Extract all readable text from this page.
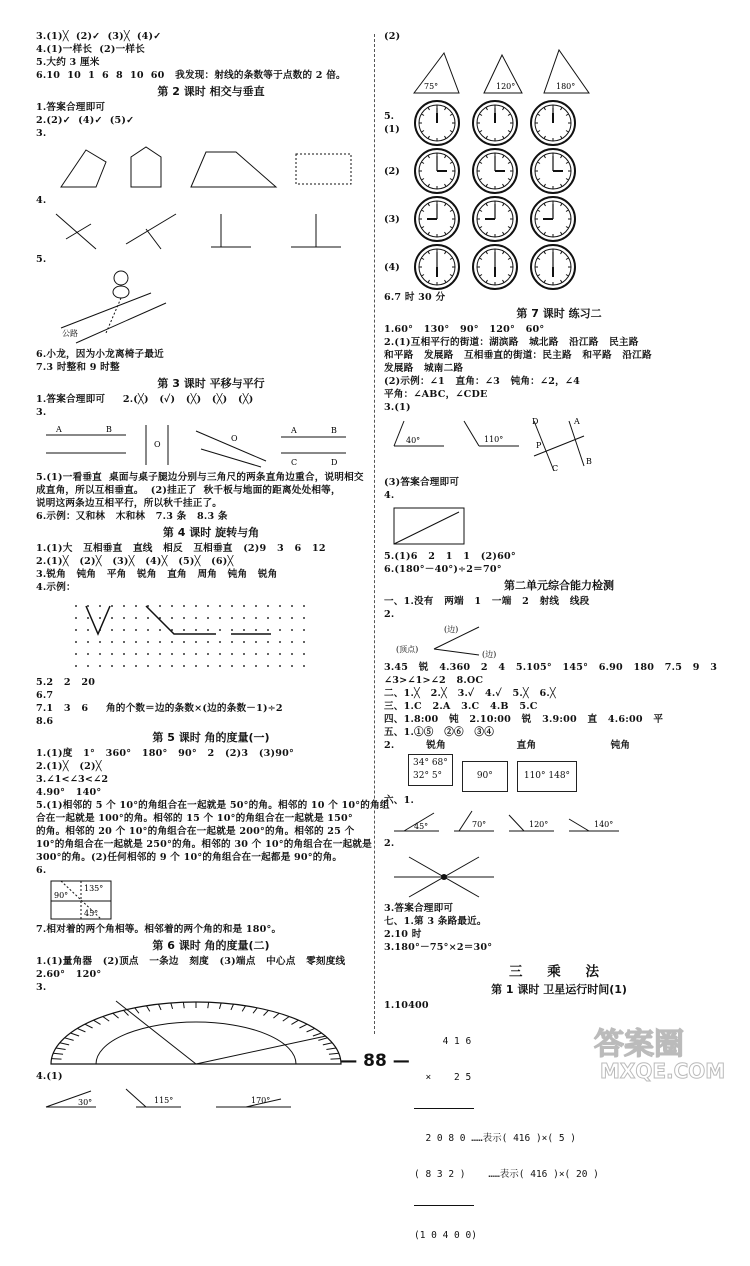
3.(1)╳  (2)✓  (3)╳  (4)✓
4.(1)一样长  (2)一样长
5.大约 3 厘米
6.10  10  1  6  8  10  60   我发现：射线的条数等于点数的 2 倍。
第 2 课时 相交与垂直
1.答案合理即可
2.(2)✓  (4)✓  (5)✓
3.
4.
5.
公路
6.小龙，因为小龙离椅子最近
7.3 时整和 9 时整
第 3 课时 平移与平行
1.答案合理即可     2.(╳)   (✓)   (╳)   (╳)   (╳)
3.
A	B
O
O
A	B
C	D
5.(1)一看垂直  桌面与桌子腿边分别与三角尺的两条直角边重合，说明相交
成直角，所以互相垂直。  (2)挂正了  秋千板与地面的距离处处相等，
说明这两条边互相平行，所以秋千挂正了。
6.示例：又和林   木和林   7.3 条   8.3 条
第 4 课时 旋转与角
1.(1)大   互相垂直   直线   相反   互相垂直   (2)9   3   6   12
2.(1)╳   (2)╳   (3)╳   (4)╳   (5)╳   (6)╳
3.锐角   钝角   平角   锐角   直角   周角   钝角   锐角
4.示例：
5.2   2   20
6.7
7.1   3   6     角的个数＝边的条数×(边的条数－1)÷2
8.6
第 5 课时 角的度量(一)
1.(1)度   1°   360°   180°   90°   2   (2)3   (3)90°
2.(1)╳   (2)╳
3.∠1<∠3<∠2
4.90°   140°
5.(1)相邻的 5 个 10°的角组合在一起就是 50°的角。相邻的 10 个 10°的角组
合在一起就是 100°的角。相邻的 15 个 10°的角组合在一起就是 150°
的角。相邻的 20 个 10°的角组合在一起就是 200°的角。相邻的 25 个
10°的角组合在一起就是 250°的角。相邻的 30 个 10°的角组合在一起就是
300°的角。(2)任何相邻的 9 个 10°的角组合在一起都是 90°的角。
6.
135°
90°
45°
7.相对着的两个角相等。相邻着的两个角的和是 180°。
第 6 课时 角的度量(二)
1.(1)量角器   (2)顶点   一条边   刻度   (3)端点   中心点   零刻度线
2.60°   120°
3.
4.(1)
30°	115°	170°
(2)
75°	120°	180°
5.(1)
(2)
(3)
(4)
6.7 时 30 分
第 7 课时 练习二
1.60°   130°   90°   120°   60°
2.(1)互相平行的街道：湖滨路   城北路   沿江路   民主路
和平路   发展路   互相垂直的街道：民主路   和平路   沿江路
发展路   城南二路
(2)示例：∠1   直角：∠3   钝角：∠2，∠4
平角：∠ABC，∠CDE
3.(1)
40°	110°
D
P
B
C
A
(3)答案合理即可
4.
5.(1)6   2   1   1   (2)60°
6.(180°－40°)÷2＝70°
第二单元综合能力检测
一、1.没有   两端   1   一端   2   射线   线段
2.
(边)
(顶点)
(边)
3.45   锐   4.360   2   4   5.105°   145°   6.90   180   7.5   9   3
∠3>∠1>∠2   8.OC
二、1.╳   2.╳   3.✓   4.✓   5.╳   6.╳
三、1.C   2.A   3.C   4.B   5.C
四、1.8:00   钝   2.10:00   锐   3.9:00   直   4.6:00   平
五、1.①⑤   ②⑥   ③④
2.         锐角                    直角                     钝角
34° 68°
32° 5°	90°	110° 148°
六、1.
45°	70°	120°	140°
2.
3.答案合理即可
七、1.第 3 条路最近。
2.10 时
3.180°－75°×2＝30°
三 乘 法
第 1 课时 卫星运行时间(1)
1.10400

4 1 6

×    2 5

2 0 8 0 ……表示( 416 )×( 5 )

( 8 3 2 )    ……表示( 416 )×( 20 )

(1 0 4 0 0)

— 88 —	答案圈
MXQE.COM
